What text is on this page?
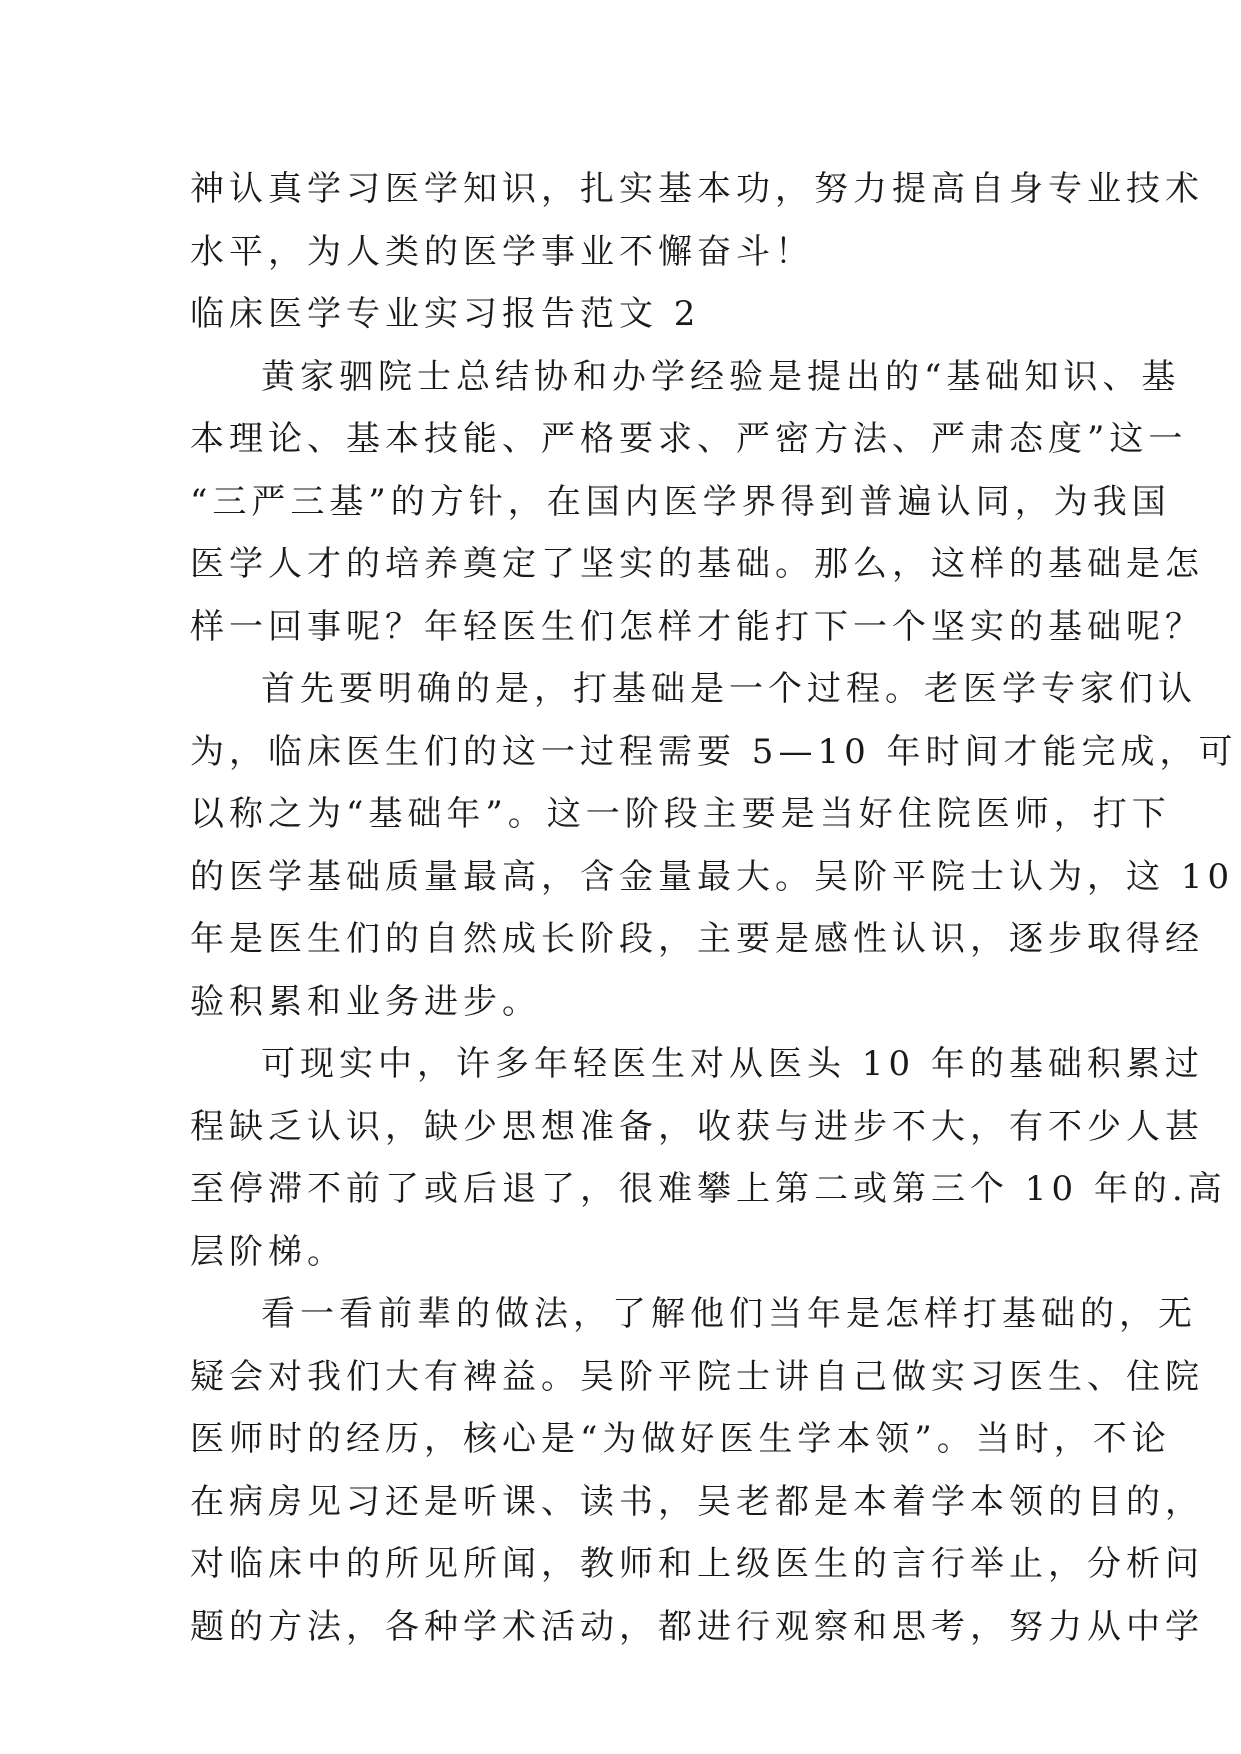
神认真学习医学知识，扎实基本功，努力提高自身专业技术
水平，为人类的医学事业不懈奋斗！
临床医学专业实习报告范文 2
黄家驷院士总结协和办学经验是提出的“基础知识、基
本理论、基本技能、严格要求、严密方法、严肃态度”这一
“三严三基”的方针，在国内医学界得到普遍认同，为我国
医学人才的培养奠定了坚实的基础。那么，这样的基础是怎
样一回事呢？年轻医生们怎样才能打下一个坚实的基础呢？
首先要明确的是，打基础是一个过程。老医学专家们认
为，临床医生们的这一过程需要 5—10 年时间才能完成，可
以称之为“基础年”。这一阶段主要是当好住院医师，打下
的医学基础质量最高，含金量最大。吴阶平院士认为，这 10
年是医生们的自然成长阶段，主要是感性认识，逐步取得经
验积累和业务进步。
可现实中，许多年轻医生对从医头 10 年的基础积累过
程缺乏认识，缺少思想准备，收获与进步不大，有不少人甚
至停滞不前了或后退了，很难攀上第二或第三个 10 年的.高
层阶梯。
看一看前辈的做法，了解他们当年是怎样打基础的，无
疑会对我们大有裨益。吴阶平院士讲自己做实习医生、住院
医师时的经历，核心是“为做好医生学本领”。当时，不论
在病房见习还是听课、读书，吴老都是本着学本领的目的，
对临床中的所见所闻，教师和上级医生的言行举止，分析问
题的方法，各种学术活动，都进行观察和思考，努力从中学
